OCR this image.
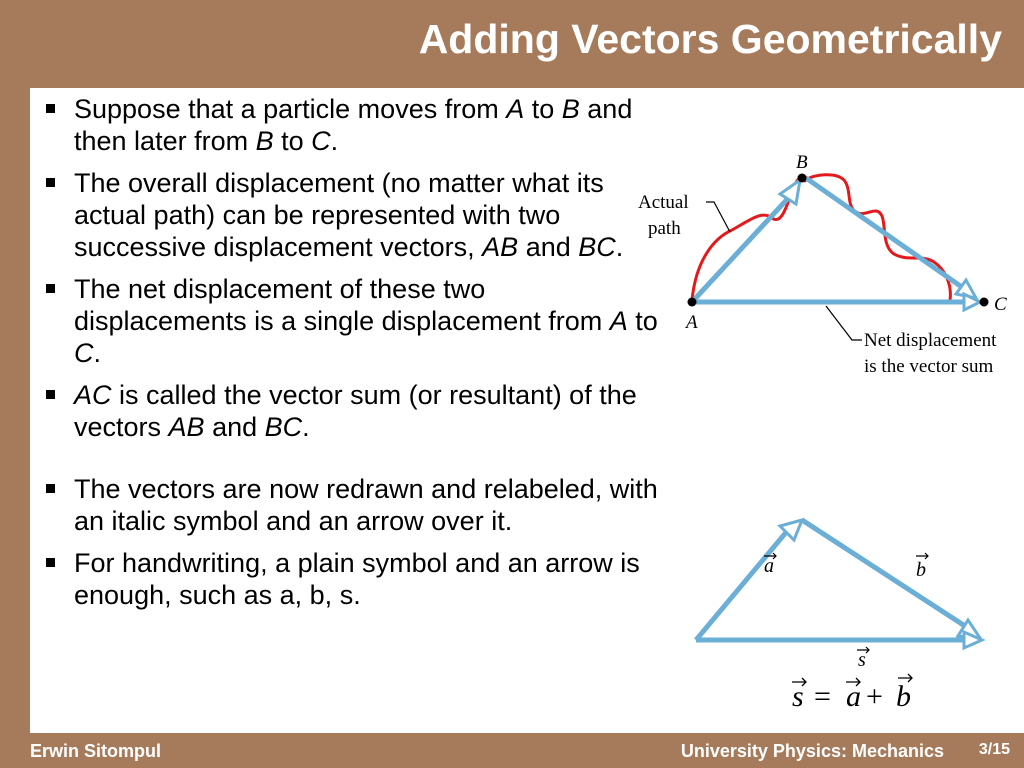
Adding Vectors Geometrically
Suppose that a particle moves from A to B and then later from B to C.
The overall displacement (no matter what its actual path) can be represented with two successive displacement vectors, AB and BC.
The net displacement of these two displacements is a single displacement from A to C.
AC is called the vector sum (or resultant) of the vectors AB and BC.
The vectors are now redrawn and relabeled, with an italic symbol and an arrow over it.
For handwriting, a plain symbol and an arrow is enough, such as a, b, s.
A
B
C
Actual
path
Net displacement
is the vector sum
a	b
s
s = a + b
Erwin Sitompul	University Physics: Mechanics 3/15
